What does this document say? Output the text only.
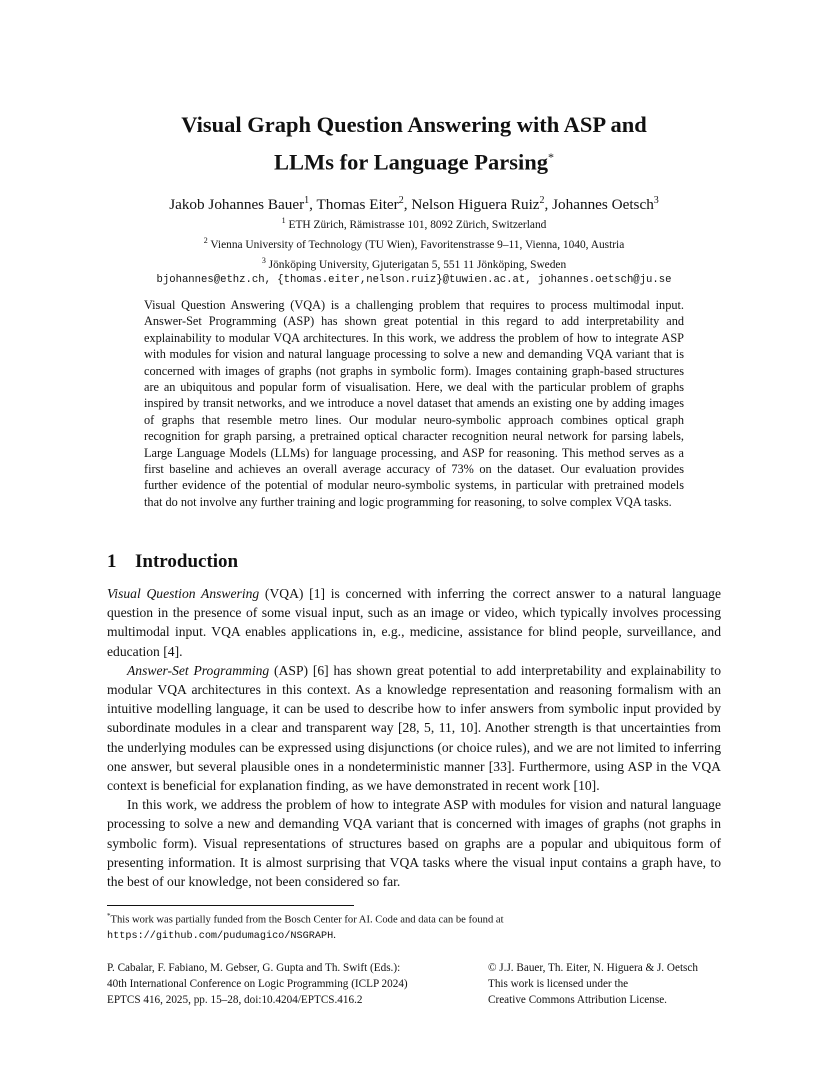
Visual Graph Question Answering with ASP and
LLMs for Language Parsing*
Jakob Johannes Bauer$^1$, Thomas Eiter$^2$, Nelson Higuera Ruiz$^2$, Johannes Oetsch$^3$
$^1$ ETH Zürich, Rämistrasse 101, 8092 Zürich, Switzerland
$^2$ Vienna University of Technology (TU Wien), Favoritenstrasse 9–11, Vienna, 1040, Austria
$^3$ Jönköping University, Gjuterigatan 5, 551 11 Jönköping, Sweden
bjohannes@ethz.ch, {thomas.eiter,nelson.ruiz}@tuwien.ac.at, johannes.oetsch@ju.se
Visual Question Answering (VQA) is a challenging problem that requires to process multimodal input. Answer-Set Programming (ASP) has shown great potential in this regard to add interpretability and explainability to modular VQA architectures. In this work, we address the problem of how to integrate ASP with modules for vision and natural language processing to solve a new and demanding VQA variant that is concerned with images of graphs (not graphs in symbolic form). Images containing graph-based structures are an ubiquitous and popular form of visualisation. Here, we deal with the particular problem of graphs inspired by transit networks, and we introduce a novel dataset that amends an existing one by adding images of graphs that resemble metro lines. Our modular neuro-symbolic approach combines optical graph recognition for graph parsing, a pretrained optical character recognition neural network for parsing labels, Large Language Models (LLMs) for language processing, and ASP for reasoning. This method serves as a first baseline and achieves an overall average accuracy of 73% on the dataset. Our evaluation provides further evidence of the potential of modular neuro-symbolic systems, in particular with pretrained models that do not involve any further training and logic programming for reasoning, to solve complex VQA tasks.
1 Introduction

Visual Question Answering (VQA) [1] is concerned with inferring the correct answer to a natural language question in the presence of some visual input, such as an image or video, which typically involves processing multimodal input. VQA enables applications in, e.g., medicine, assistance for blind people, surveillance, and education [4].

Answer-Set Programming (ASP) [6] has shown great potential to add interpretability and explainability to modular VQA architectures in this context. As a knowledge representation and reasoning formalism with an intuitive modelling language, it can be used to describe how to infer answers from symbolic input provided by subordinate modules in a clear and transparent way [28, 5, 11, 10]. Another strength is that uncertainties from the underlying modules can be expressed using disjunctions (or choice rules), and we are not limited to inferring one answer, but several plausible ones in a nondeterministic manner [33]. Furthermore, using ASP in the VQA context is beneficial for explanation finding, as we have demonstrated in recent work [10].

In this work, we address the problem of how to integrate ASP with modules for vision and natural language processing to solve a new and demanding VQA variant that is concerned with images of graphs (not graphs in symbolic form). Visual representations of structures based on graphs are a popular and ubiquitous form of presenting information. It is almost surprising that VQA tasks where the visual input contains a graph have, to the best of our knowledge, not been considered so far.

*This work was partially funded from the Bosch Center for AI. Code and data can be found at https://github.com/pudumagico/NSGRAPH.
P. Cabalar, F. Fabiano, M. Gebser, G. Gupta and Th. Swift (Eds.):
40th International Conference on Logic Programming (ICLP 2024)
EPTCS 416, 2025, pp. 15–28, doi:10.4204/EPTCS.416.2
© J.J. Bauer, Th. Eiter, N. Higuera & J. Oetsch
This work is licensed under the
Creative Commons Attribution License.
